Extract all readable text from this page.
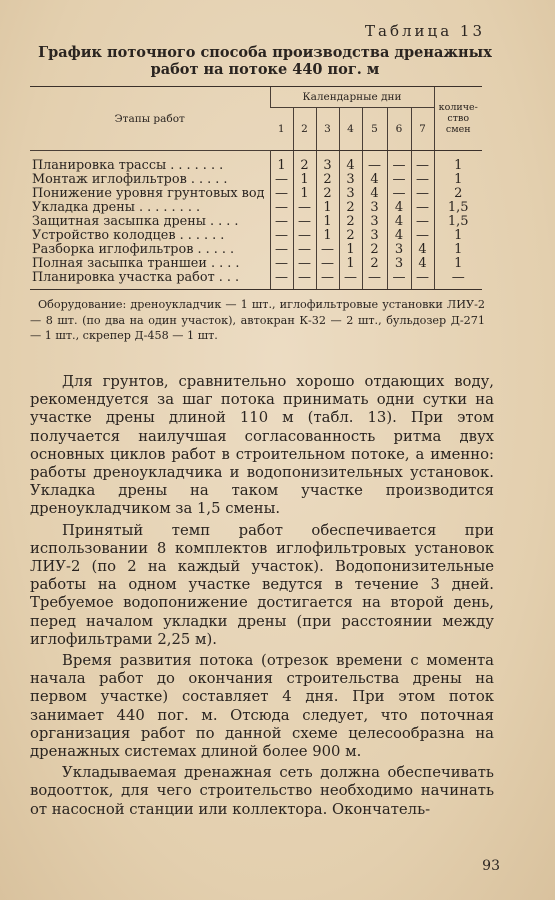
Таблица 13
График поточного способа производства дренажных работ на потоке 440 пог. м
Этапы работ	Календарные дни							количе-ство смен
	1	2	3	4	5	6	7	
Планировка трассы . . . . . . .	1	2	3	4	—	—	—	1
Монтаж иглофильтров . . . . .	—	1	2	3	4	—	—	1
Понижение уровня грунтовых вод	—	1	2	3	4	—	—	2
Укладка дрены . . . . . . . .	—	—	1	2	3	4	—	1,5
Защитная засыпка дрены . . . .	—	—	1	2	3	4	—	1,5
Устройство колодцев . . . . . .	—	—	1	2	3	4	—	1
Разборка иглофильтров . . . . .	—	—	—	1	2	3	4	1
Полная засыпка траншеи . . . .	—	—	—	1	2	3	4	1
Планировка участка работ . . .	—	—	—	—	—	—	—	—

Оборудование: дреноукладчик — 1 шт., иглофильтровые установки ЛИУ-2 — 8 шт. (по два на один участок), автокран К-32 — 2 шт., бульдозер Д-271 — 1 шт., скрепер Д-458 — 1 шт.

Для грунтов, сравнительно хорошо отдающих воду, рекомендуется за шаг потока принимать одни сутки на участке дрены длиной 110 м (табл. 13). При этом получается наилучшая согласованность ритма двух основных циклов работ в строительном потоке, а именно: работы дреноукладчика и водопонизительных установок. Укладка дрены на таком участке производится дреноукладчиком за 1,5 смены.

Принятый темп работ обеспечивается при использовании 8 комплектов иглофильтровых установок ЛИУ-2 (по 2 на каждый участок). Водопонизительные работы на одном участке ведутся в течение 3 дней. Требуемое водопонижение достигается на второй день, перед началом укладки дрены (при расстоянии между иглофильтрами 2,25 м).

Время развития потока (отрезок времени с момента начала работ до окончания строительства дрены на первом участке) составляет 4 дня. При этом поток занимает 440 пог. м. Отсюда следует, что поточная организация работ по данной схеме целесообразна на дренажных системах длиной более 900 м.

Укладываемая дренажная сеть должна обеспечивать водоотток, для чего строительство необходимо начинать от насосной станции или коллектора. Окончатель-

93
